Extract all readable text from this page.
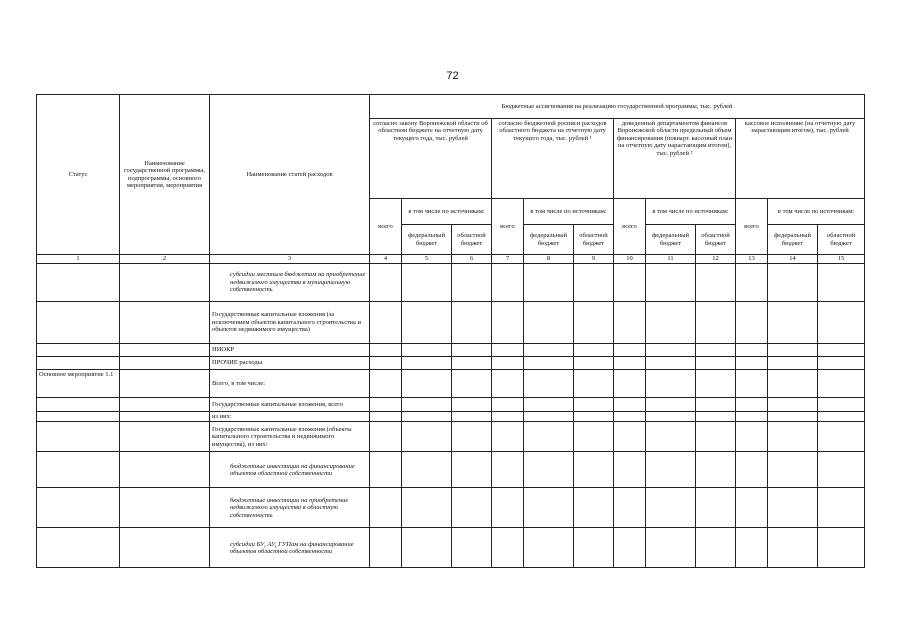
72
Статус	Наименование государственной программы, подпрограммы, основного мероприятия, мероприятия	Наименование статей расходов	Бюджетные ассигнования на реализацию государственной программы, тыс. рублей											
			согласно закону Воронежской области об областном бюджете на отчетную дату текущего года, тыс. рублей			согласно бюджетной росписи расходов областного бюджета на отчетную дату текущего года, тыс. рублей ¹			доведенный департаментом финансов Воронежской области предельный объем финансирования (покварт. кассовый план на отчетную дату нарастающим итогом), тыс. рублей ²			кассовое исполнение (на отчетную дату нарастающим итогом), тыс. рублей		
			всего	в том числе по источникам:		всего	в том числе по источникам:		всего	в том числе по источникам:		всего	в том числе по источникам:	
				федеральный бюджет	областной бюджет		федеральный бюджет	областной бюджет		федеральный бюджет	областной бюджет		федеральный бюджет	областной бюджет
1	2	3	4	5	6	7	8	9	10	11	12	13	14	15
		субсидии местным бюджетам на приобретение недвижимого имущества в муниципальную собственность												
		Государственные капитальные вложения (за исключением объектов капитального строительства и объектов недвижимого имущества)												
		НИОКР												
		ПРОЧИЕ расходы												
Основное мероприятие 1.1		Всего, в том числе:												
		Государственные капитальные вложения, всего												
		из них:												
		Государственные капитальные вложения (объекты капитального строительства и недвижимого имущества), из них:												
		бюджетные инвестиции на финансирование объектов областной собственности												
		бюджетные инвестиции на приобретение недвижимого имущества в областную собственность												
		субсидии БУ, АУ, ГУПам на финансирование объектов областной собственности												
